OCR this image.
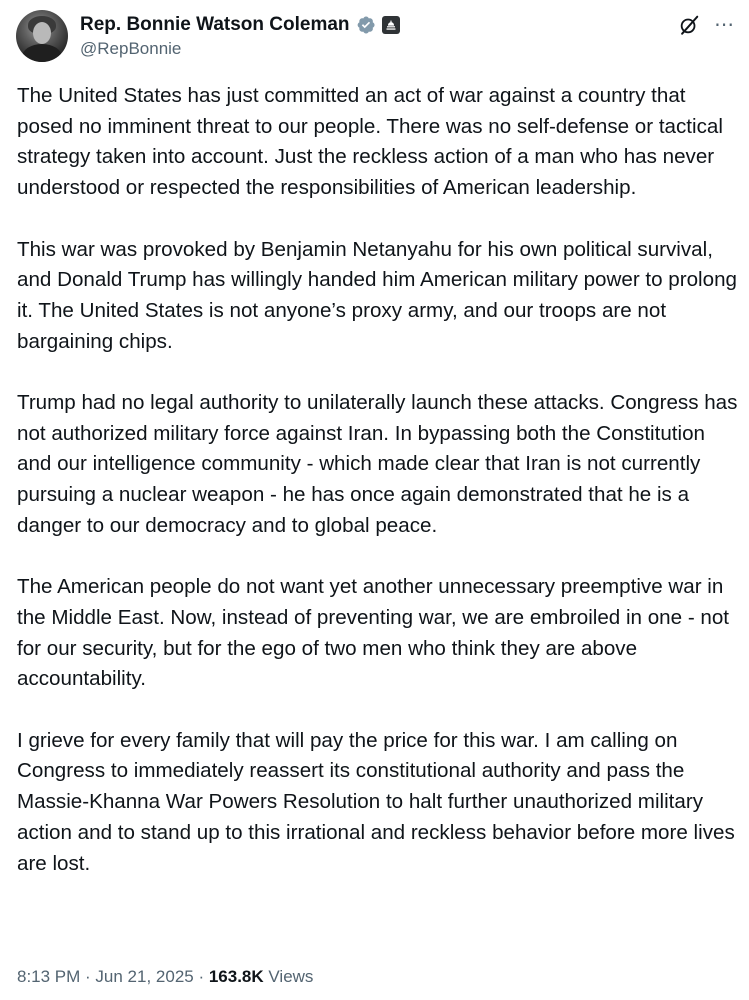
Rep. Bonnie Watson Coleman
@RepBonnie
⋯

The United States has just committed an act of war against a country that posed no imminent threat to our people. There was no self-defense or tactical strategy taken into account. Just the reckless action of a man who has never understood or respected the responsibilities of American leadership.

This war was provoked by Benjamin Netanyahu for his own political survival, and Donald Trump has willingly handed him American military power to prolong it. The United States is not anyone’s proxy army, and our troops are not bargaining chips.

Trump had no legal authority to unilaterally launch these attacks. Congress has not authorized military force against Iran. In bypassing both the Constitution and our intelligence community - which made clear that Iran is not currently pursuing a nuclear weapon - he has once again demonstrated that he is a danger to our democracy and to global peace.

The American people do not want yet another unnecessary preemptive war in the Middle East. Now, instead of preventing war, we are embroiled in one - not for our security, but for the ego of two men who think they are above accountability.

I grieve for every family that will pay the price for this war. I am calling on Congress to immediately reassert its constitutional authority and pass the Massie-Khanna War Powers Resolution to halt further unauthorized military action and to stand up to this irrational and reckless behavior before more lives are lost.

8:13 PM · Jun 21, 2025 · 163.8K Views
